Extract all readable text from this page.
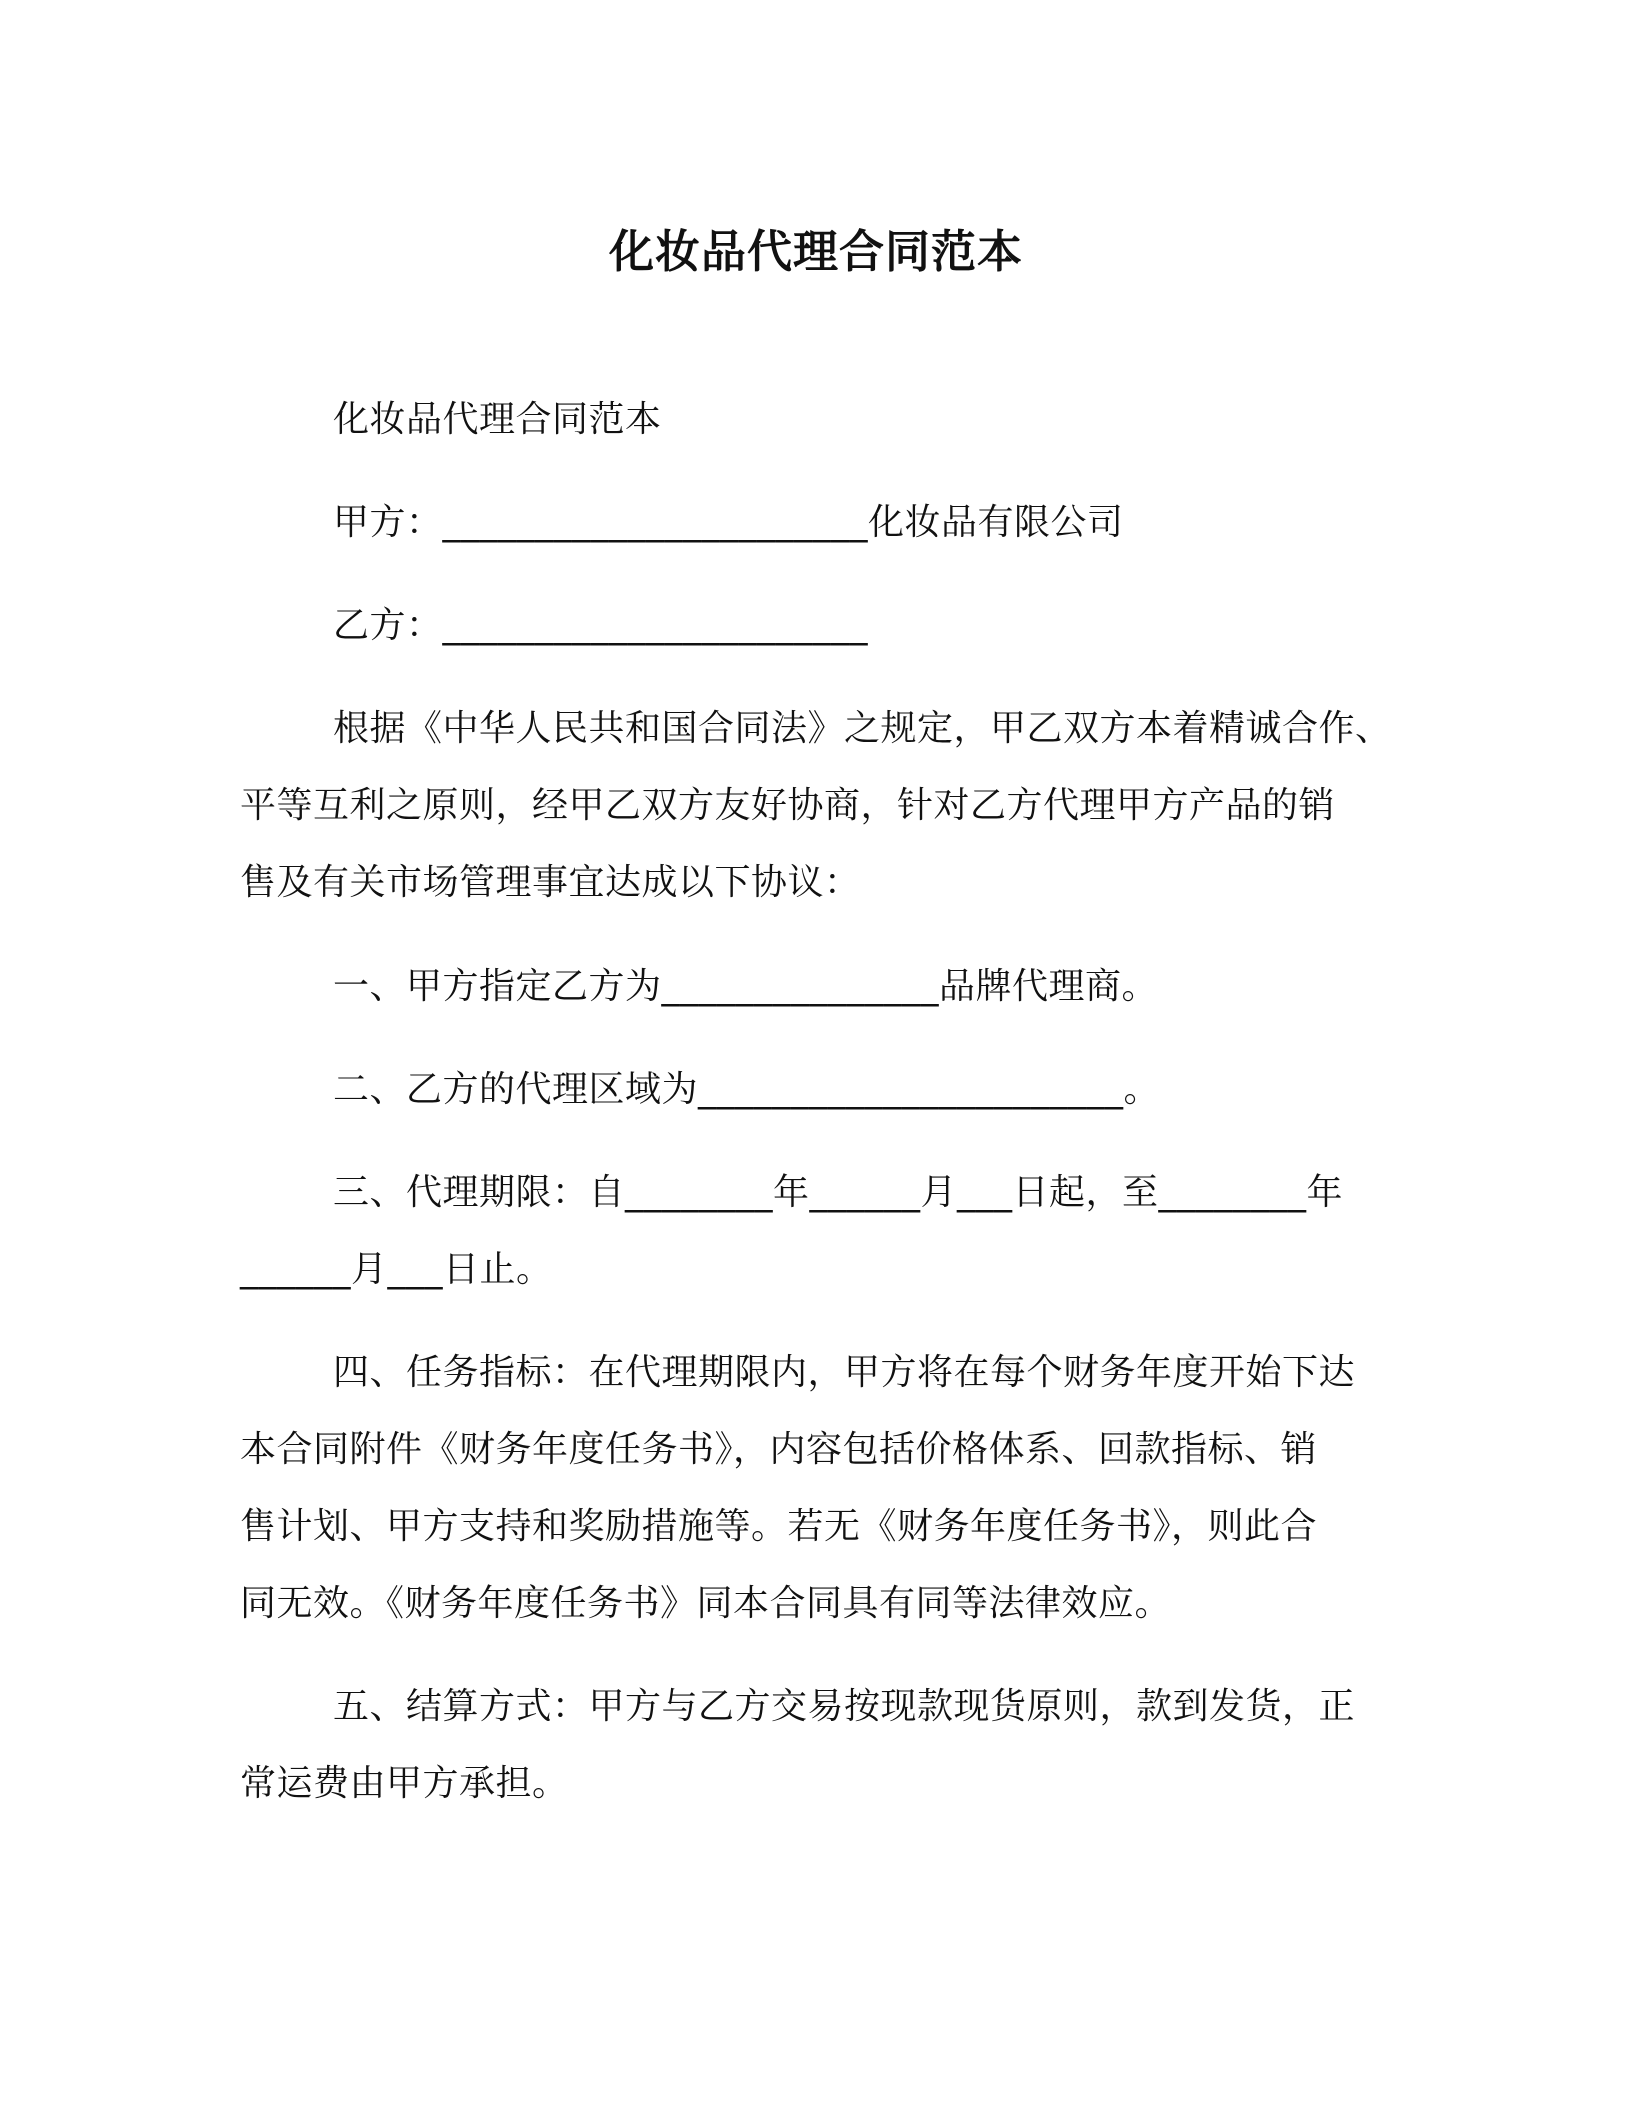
化妆品代理合同范本
化妆品代理合同范本
甲方：_______________________化妆品有限公司
乙方：_______________________
根据《中华人民共和国合同法》之规定，甲乙双方本着精诚合作、
平等互利之原则，经甲乙双方友好协商，针对乙方代理甲方产品的销
售及有关市场管理事宜达成以下协议：
一、甲方指定乙方为_______________品牌代理商。
二、乙方的代理区域为_______________________。
三、代理期限：自________年______月___日起，至________年
______月___日止。
四、任务指标：在代理期限内，甲方将在每个财务年度开始下达
本合同附件《财务年度任务书》，内容包括价格体系、回款指标、销
售计划、甲方支持和奖励措施等。若无《财务年度任务书》，则此合
同无效。《财务年度任务书》同本合同具有同等法律效应。
五、结算方式：甲方与乙方交易按现款现货原则，款到发货，正
常运费由甲方承担。
